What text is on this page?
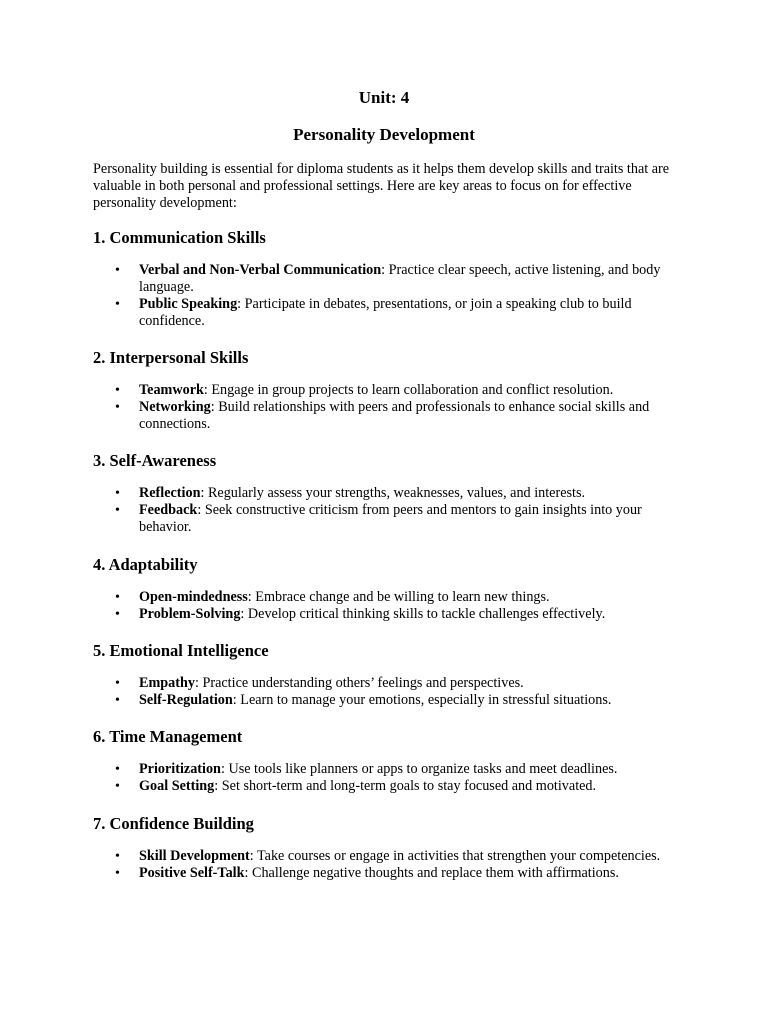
Unit: 4
Personality Development

Personality building is essential for diploma students as it helps them develop skills and traits that are valuable in both personal and professional settings. Here are key areas to focus on for effective personality development:

1. Communication Skills
• Verbal and Non-Verbal Communication: Practice clear speech, active listening, and body language.
• Public Speaking: Participate in debates, presentations, or join a speaking club to build confidence.
2. Interpersonal Skills
• Teamwork: Engage in group projects to learn collaboration and conflict resolution.
• Networking: Build relationships with peers and professionals to enhance social skills and connections.
3. Self-Awareness
• Reflection: Regularly assess your strengths, weaknesses, values, and interests.
• Feedback: Seek constructive criticism from peers and mentors to gain insights into your behavior.
4. Adaptability
• Open-mindedness: Embrace change and be willing to learn new things.
• Problem-Solving: Develop critical thinking skills to tackle challenges effectively.
5. Emotional Intelligence
• Empathy: Practice understanding others’ feelings and perspectives.
• Self-Regulation: Learn to manage your emotions, especially in stressful situations.
6. Time Management
• Prioritization: Use tools like planners or apps to organize tasks and meet deadlines.
• Goal Setting: Set short-term and long-term goals to stay focused and motivated.
7. Confidence Building
• Skill Development: Take courses or engage in activities that strengthen your competencies.
• Positive Self-Talk: Challenge negative thoughts and replace them with affirmations.
